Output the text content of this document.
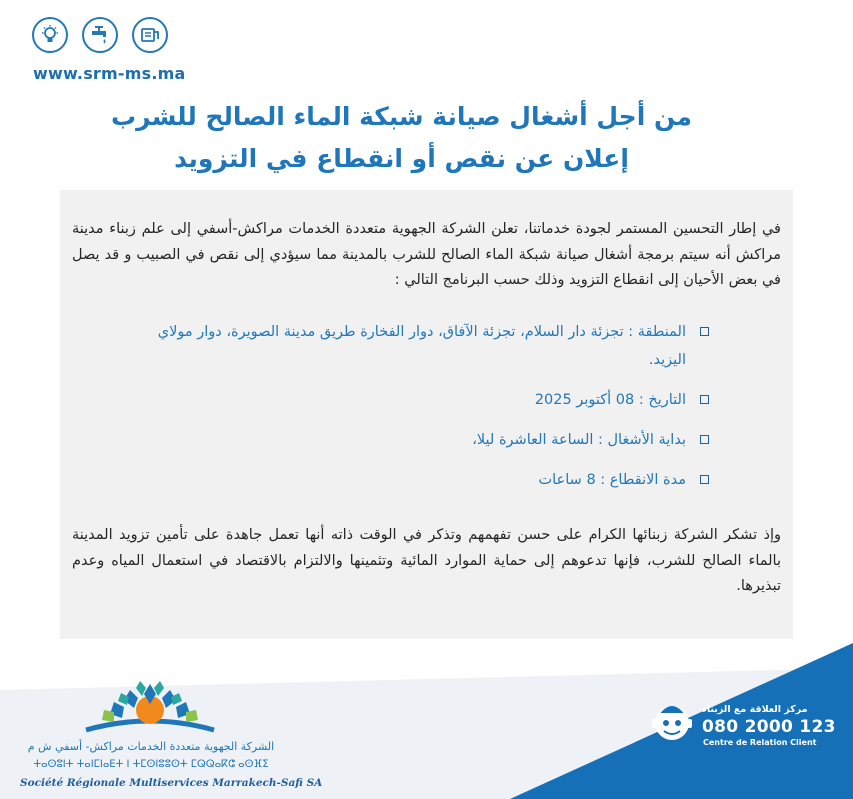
www.srm-ms.ma
من أجل أشغال صيانة شبكة الماء الصالح للشرب
إعلان عن نقص أو انقطاع في التزويد
في إطار التحسين المستمر لجودة خدماتنا، تعلن الشركة الجهوية متعددة الخدمات مراكش-أسفي إلى علم زبناء مدينة مراكش أنه سيتم برمجة أشغال صيانة شبكة الماء الصالح للشرب بالمدينة مما سيؤدي إلى نقص في الصبيب و قد يصل في بعض الأحيان إلى انقطاع التزويد وذلك حسب البرنامج التالي :
المنطقة : تجزئة دار السلام، تجزئة الآفاق، دوار الفخارة طريق مدينة الصويرة، دوار مولاي اليزيد.
التاريخ : 08 أكتوبر 2025
بداية الأشغال : الساعة العاشرة ليلا،
مدة الانقطاع : 8 ساعات
وإذ تشكر الشركة زبنائها الكرام على حسن تفهمهم وتذكر في الوقت ذاته أنها تعمل جاهدة على تأمين تزويد المدينة بالماء الصالح للشرب، فإنها تدعوهم إلى حماية الموارد المائية وتثمينها والالتزام بالاقتصاد في استعمال المياه وعدم تبذيرها.
مركز العلاقة مع الزبناء
080 2000 123
Centre de Relation Client
الشركة الجهوية متعددة الخدمات مراكش- أسفي ش م
ⵜⴰⵙⵓⵏⵜ ⵜⴰⵏⵎⵏⴰⴹⵜ ⵏ ⵜⵎⵙⵏⵓⵓⵙⵜ ⵎⵕⵕⴰⴽⵛ ⴰⵙⴼⵉ
Société Régionale Multiservices Marrakech-Safi SA
